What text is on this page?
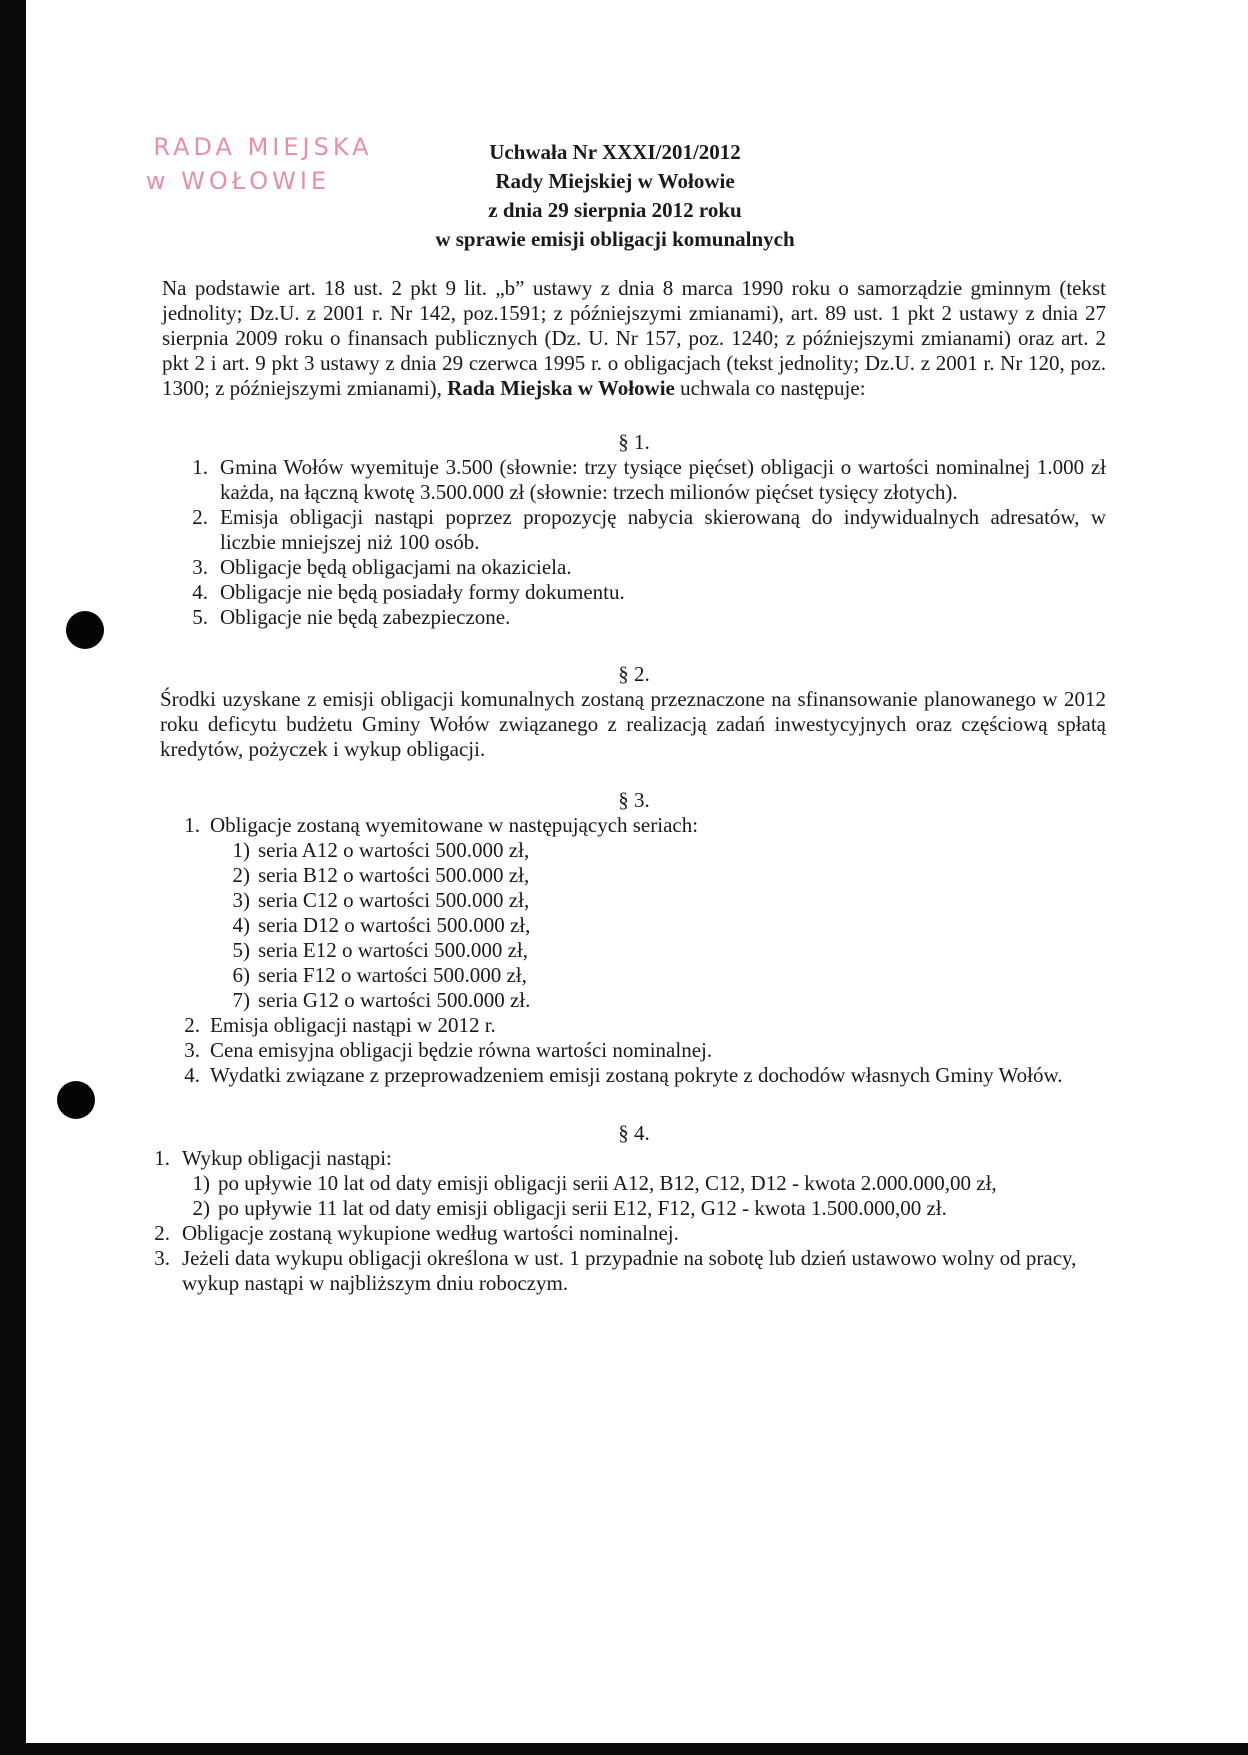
RADA MIEJSKA
w WOŁOWIE
Uchwała Nr XXXI/201/2012
Rady Miejskiej w Wołowie
z dnia 29 sierpnia 2012 roku
w sprawie emisji obligacji komunalnych

Na podstawie art. 18 ust. 2 pkt 9 lit. „b” ustawy z dnia 8 marca 1990 roku o samorządzie gminnym (tekst jednolity; Dz.U. z 2001 r. Nr 142, poz.1591; z późniejszymi zmianami), art. 89 ust. 1 pkt 2 ustawy z dnia 27 sierpnia 2009 roku o finansach publicznych (Dz. U. Nr 157, poz. 1240; z późniejszymi zmianami) oraz art. 2 pkt 2 i art. 9 pkt 3 ustawy z dnia 29 czerwca 1995 r. o obligacjach (tekst jednolity; Dz.U. z 2001 r. Nr 120, poz. 1300; z późniejszymi zmianami), Rada Miejska w Wołowie uchwala co następuje:

§ 1.

1. Gmina Wołów wyemituje 3.500 (słownie: trzy tysiące pięćset) obligacji o wartości nominalnej 1.000 zł każda, na łączną kwotę 3.500.000 zł (słownie: trzech milionów pięćset tysięcy złotych).
2. Emisja obligacji nastąpi poprzez propozycję nabycia skierowaną do indywidualnych adresatów, w liczbie mniejszej niż 100 osób.
3. Obligacje będą obligacjami na okaziciela.
4. Obligacje nie będą posiadały formy dokumentu.
5. Obligacje nie będą zabezpieczone.

§ 2.

Środki uzyskane z emisji obligacji komunalnych zostaną przeznaczone na sfinansowanie planowanego w 2012 roku deficytu budżetu Gminy Wołów związanego z realizacją zadań inwestycyjnych oraz częściową spłatą kredytów, pożyczek i wykup obligacji.

§ 3.

1. Obligacje zostaną wyemitowane w następujących seriach:
1) seria A12 o wartości 500.000 zł,
2) seria B12 o wartości 500.000 zł,
3) seria C12 o wartości 500.000 zł,
4) seria D12 o wartości 500.000 zł,
5) seria E12 o wartości 500.000 zł,
6) seria F12 o wartości 500.000 zł,
7) seria G12 o wartości 500.000 zł.
2. Emisja obligacji nastąpi w 2012 r.
3. Cena emisyjna obligacji będzie równa wartości nominalnej.
4. Wydatki związane z przeprowadzeniem emisji zostaną pokryte z dochodów własnych Gminy Wołów.

§ 4.

1. Wykup obligacji nastąpi:
1) po upływie 10 lat od daty emisji obligacji serii A12, B12, C12, D12 - kwota 2.000.000,00 zł,
2) po upływie 11 lat od daty emisji obligacji serii E12, F12, G12 - kwota 1.500.000,00 zł.
2. Obligacje zostaną wykupione według wartości nominalnej.
3. Jeżeli data wykupu obligacji określona w ust. 1 przypadnie na sobotę lub dzień ustawowo wolny od pracy, wykup nastąpi w najbliższym dniu roboczym.
